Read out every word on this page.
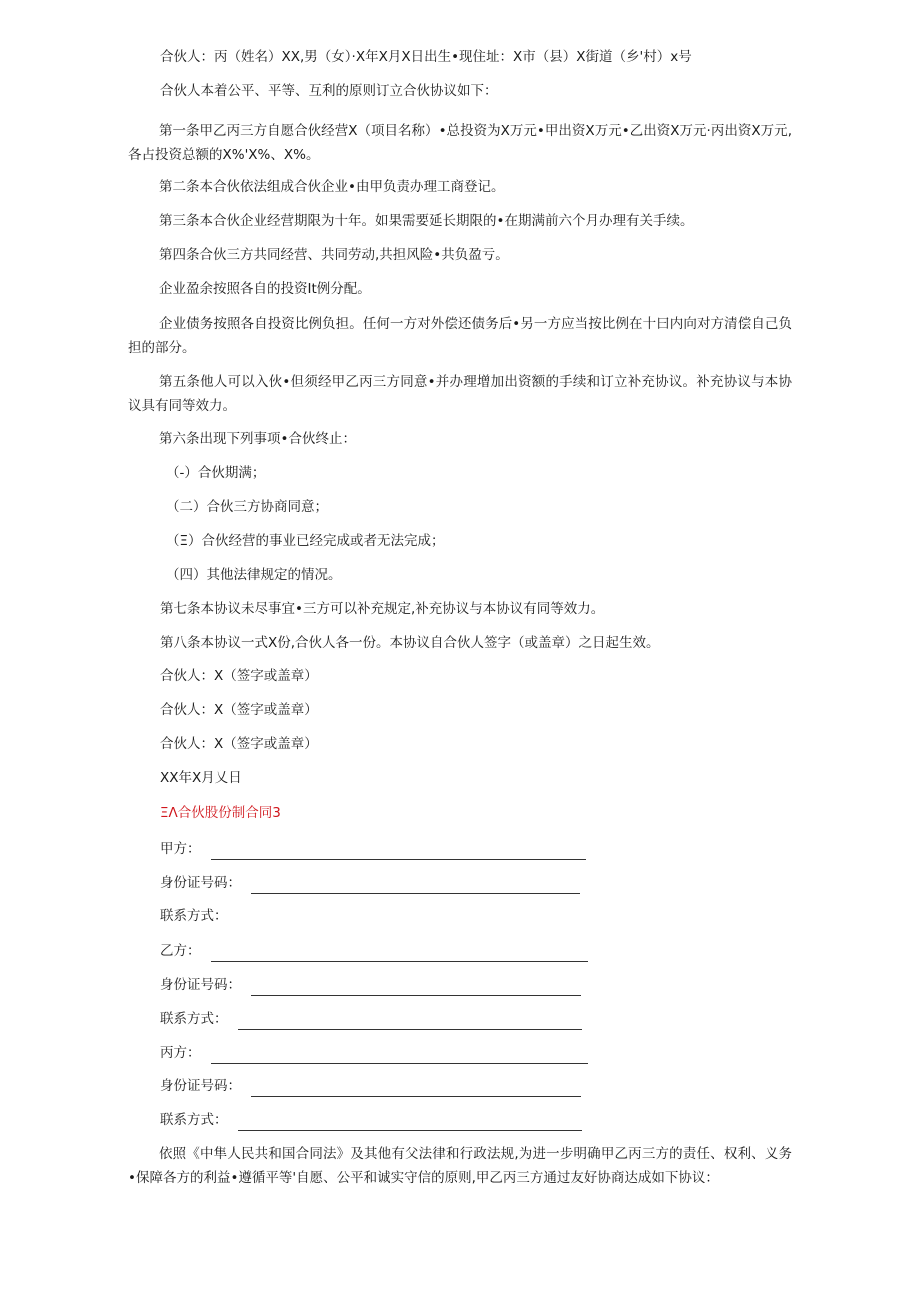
合伙人：丙（姓名）XX,男（女）·X年X月X日出生•现住址：X市（县）X街道（乡'村）x号
合伙人本着公平、平等、互利的原则订立合伙协议如下：
第一条甲乙丙三方自愿合伙经营X（项目名称）•总投资为X万元•甲出资X万元•乙出资X万元·丙出资X万元,各占投资总额的X%'X%、X%。
第二条本合伙依法组成合伙企业•由甲负责办理工商登记。
第三条本合伙企业经营期限为十年。如果需要延长期限的•在期满前六个月办理有关手续。
第四条合伙三方共同经营、共同劳动,共担风险•共负盈亏。
企业盈余按照各自的投资It例分配。
企业债务按照各自投资比例负担。任何一方对外偿还债务后•另一方应当按比例在十曰内向对方清偿自己负担的部分。
第五条他人可以入伙•但须经甲乙丙三方同意•并办理增加出资额的手续和订立补充协议。补充协议与本协议具有同等效力。
第六条出现下列事项•合伙终止：
（-）合伙期满；
（二）合伙三方协商同意；
（Ξ）合伙经营的事业已经完成或者无法完成；
（四）其他法律规定的情况。
第七条本协议未尽事宜•三方可以补充规定,补充协议与本协议有同等效力。
第八条本协议一式X份,合伙人各一份。本协议自合伙人签字（或盖章）之日起生效。
合伙人：X（签字或盖章）
合伙人：X（签字或盖章）
合伙人：X（签字或盖章）
XX年X月乂日
ΞΛ合伙股份制合同3
甲方：
身份证号码：
联系方式：
乙方：
身份证号码：
联系方式：
丙方：
身份证号码：
联系方式：
依照《中隼人民共和国合同法》及其他有父法律和行政法规,为进一步明确甲乙丙三方的责任、权利、义务•保障各方的利益•遵循平等'自愿、公平和诚实守信的原则,甲乙丙三方通过友好协商达成如下协议：
